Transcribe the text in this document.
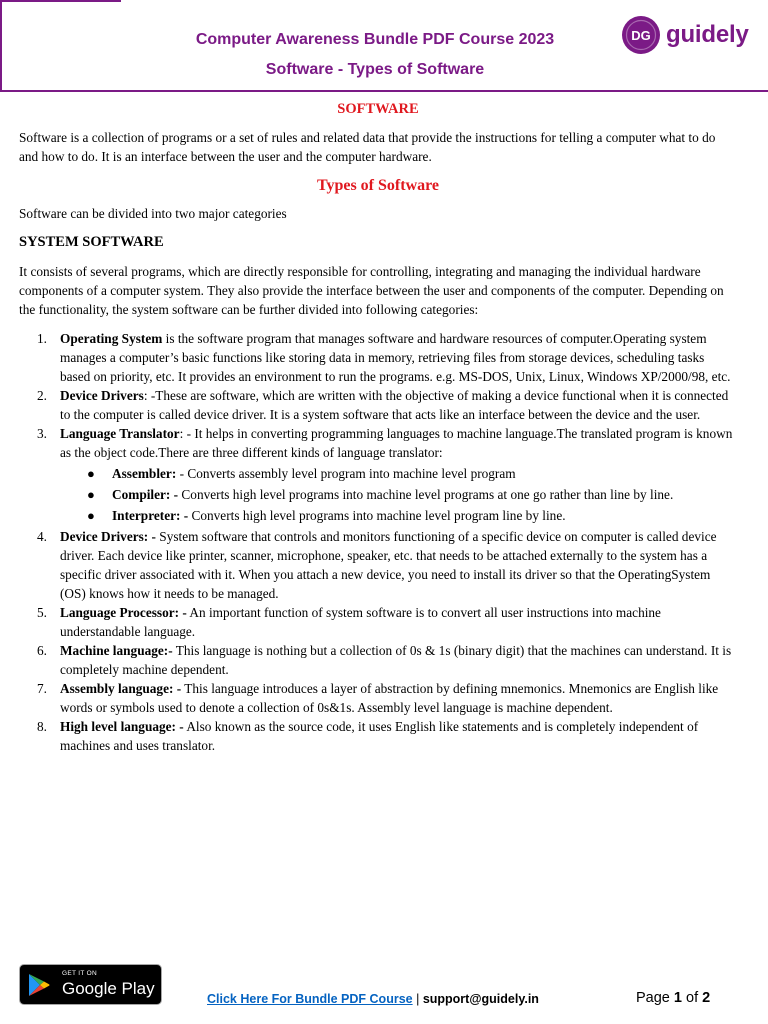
Computer Awareness Bundle PDF Course 2023
Software - Types of Software
DG guidely

SOFTWARE

Software is a collection of programs or a set of rules and related data that provide the instructions for telling a computer what to do and how to do. It is an interface between the user and the computer hardware.

Types of Software

Software can be divided into two major categories

SYSTEM SOFTWARE

It consists of several programs, which are directly responsible for controlling, integrating and managing the individual hardware components of a computer system. They also provide the interface between the user and components of the computer. Depending on the functionality, the system software can be further divided into following categories:

1. Operating System is the software program that manages software and hardware resources of computer.Operating system manages a computer’s basic functions like storing data in memory, retrieving files from storage devices, scheduling tasks based on priority, etc. It provides an environment to run the programs. e.g. MS-DOS, Unix, Linux, Windows XP/2000/98, etc.
2. Device Drivers: -These are software, which are written with the objective of making a device functional when it is connected to the computer is called device driver. It is a system software that acts like an interface between the device and the user.
3. Language Translator: - It helps in converting programming languages to machine language.The translated program is known as the object code.There are three different kinds of language translator:
● Assembler: - Converts assembly level program into machine level program
● Compiler: - Converts high level programs into machine level programs at one go rather than line by line.
● Interpreter: - Converts high level programs into machine level program line by line.
4. Device Drivers: - System software that controls and monitors functioning of a specific device on computer is called device driver. Each device like printer, scanner, microphone, speaker, etc. that needs to be attached externally to the system has a specific driver associated with it. When you attach a new device, you need to install its driver so that the OperatingSystem (OS) knows how it needs to be managed.
5. Language Processor: - An important function of system software is to convert all user instructions into machine understandable language.
6. Machine language:- This language is nothing but a collection of 0s & 1s (binary digit) that the machines can understand. It is completely machine dependent.
7. Assembly language: - This language introduces a layer of abstraction by defining mnemonics. Mnemonics are English like words or symbols used to denote a collection of 0s&1s. Assembly level language is machine dependent.
8. High level language: - Also known as the source code, it uses English like statements and is completely independent of machines and uses translator.
GET IT ON
Google Play
Click Here For Bundle PDF Course | support@guidely.in	Page 1 of 2
